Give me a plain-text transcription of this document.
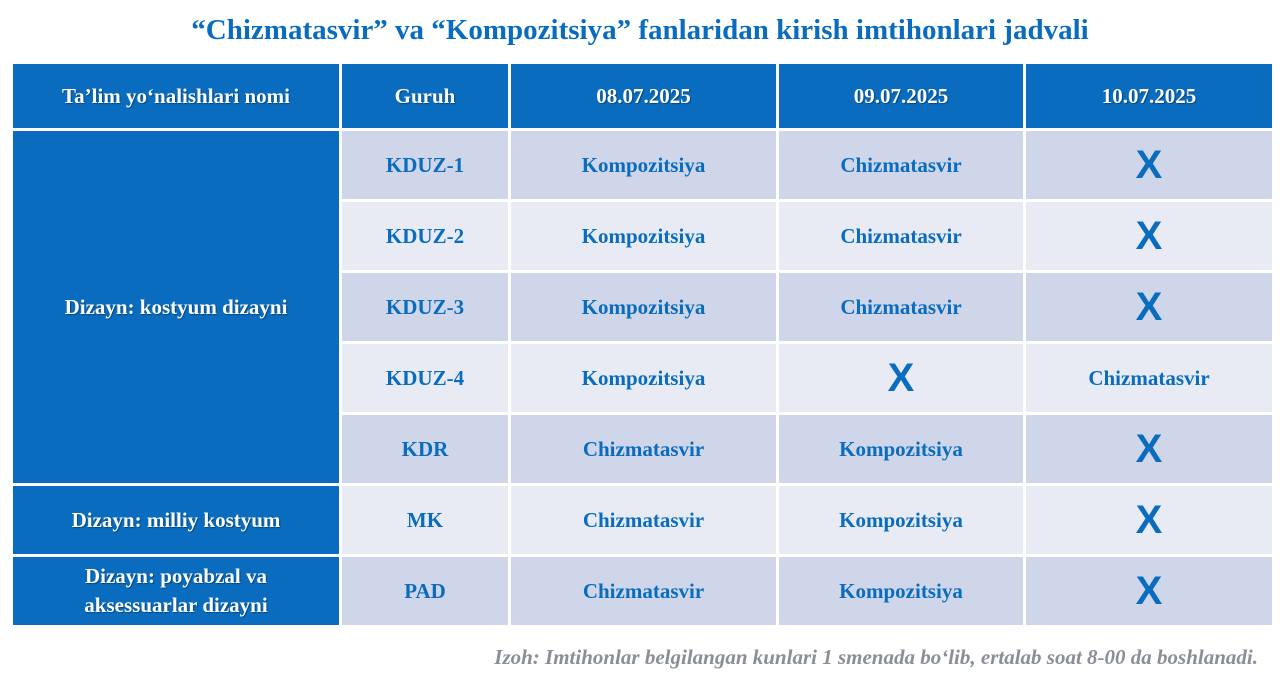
“Chizmatasvir” va “Kompozitsiya” fanlaridan kirish imtihonlari jadvali
Ta’lim yo‘nalishlari nomi	Guruh	08.07.2025	09.07.2025	10.07.2025
Dizayn: kostyum dizayni	KDUZ-1	Kompozitsiya	Chizmatasvir	X
	KDUZ-2	Kompozitsiya	Chizmatasvir	X
	KDUZ-3	Kompozitsiya	Chizmatasvir	X
	KDUZ-4	Kompozitsiya	X	Chizmatasvir
	KDR	Chizmatasvir	Kompozitsiya	X
Dizayn: milliy kostyum	MK	Chizmatasvir	Kompozitsiya	X
Dizayn: poyabzal va
aksessuarlar dizayni	PAD	Chizmatasvir	Kompozitsiya	X
Izoh: Imtihonlar belgilangan kunlari 1 smenada bo‘lib, ertalab soat 8-00 da boshlanadi.
